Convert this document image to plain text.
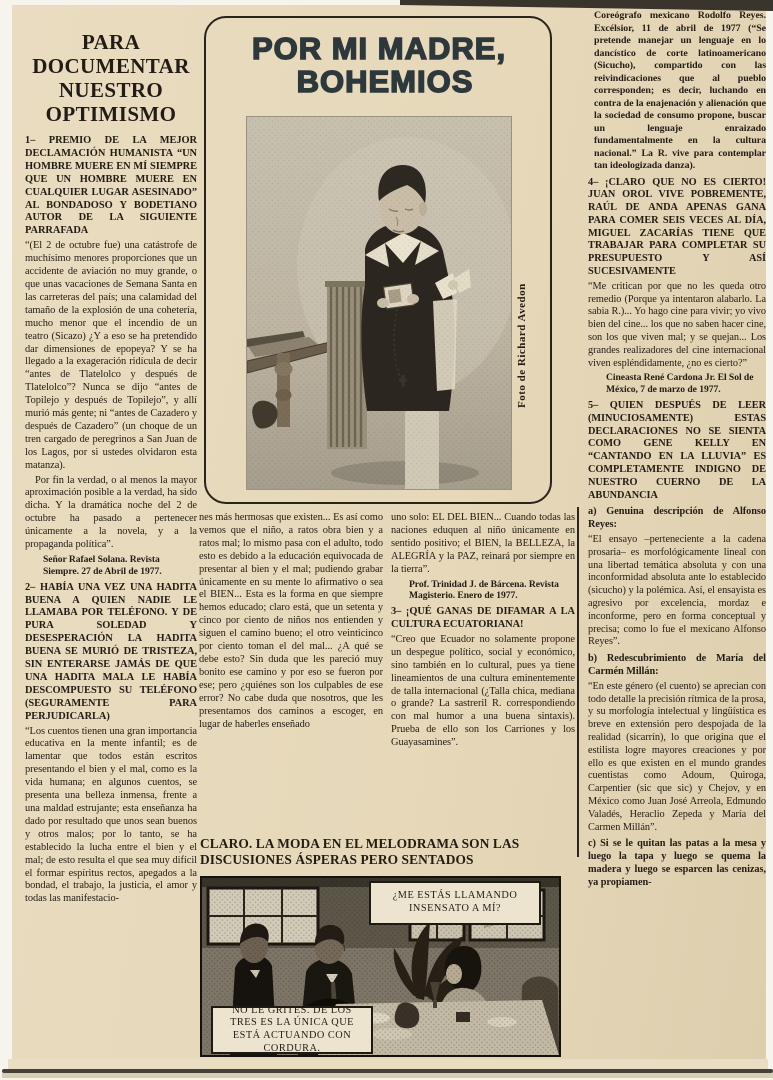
PARA DOCUMENTAR NUESTRO OPTIMISMO

1– PREMIO DE LA MEJOR DECLAMACIÓN HUMANISTA “UN HOMBRE MUERE EN MÍ SIEMPRE QUE UN HOMBRE MUERE EN CUALQUIER LUGAR ASESINADO” AL BONDADOSO Y BODETIANO AUTOR DE LA SIGUIENTE PARRAFADA

“(El 2 de octubre fue) una catástrofe de muchísimo menores proporciones que un accidente de aviación no muy grande, o que unas vacaciones de Semana Santa en las carreteras del país; una calamidad del tamaño de la explosión de una cohetería, mucho menor que el incendio de un teatro (Sicazo) ¿Y a eso se ha pretendido dar dimensiones de epopeya? Y se ha llegado a la exageración ridícula de decir “antes de Tlatelolco y después de Tlatelolco”? Nunca se dijo “antes de Topilejo y después de Topilejo”, y allí murió más gente; ni “antes de Cazadero y después de Cazadero” (un choque de un tren cargado de peregrinos a San Juan de los Lagos, por si ustedes olvidaron esta matanza).

Por fin la verdad, o al menos la mayor aproximación posible a la verdad, ha sido dicha. Y la dramática noche del 2 de octubre ha pasado a pertenecer únicamente a la novela, y a la propaganda política”.

Señor Rafael Solana. Revista Siempre. 27 de Abril de 1977.

2– HABÍA UNA VEZ UNA HADITA BUENA A QUIEN NADIE LE LLAMABA POR TELÉFONO. Y DE PURA SOLEDAD Y DESESPERACIÓN LA HADITA BUENA SE MURIÓ DE TRISTEZA, SIN ENTERARSE JAMÁS DE QUE UNA HADITA MALA LE HABÍA DESCOMPUESTO SU TELÉFONO (SEGURAMENTE PARA PERJUDICARLA)

“Los cuentos tienen una gran importancia educativa en la mente infantil; es de lamentar que todos están escritos presentando el bien y el mal, como es la vida humana; en algunos cuentos, se presenta una belleza inmensa, frente a una maldad estrujante; esta enseñanza ha dado por resultado que unos sean buenos y otros malos; por lo tanto, se ha establecido la lucha entre el bien y el mal; de esto resulta el que sea muy difícil el formar espíritus rectos, apegados a la bondad, el trabajo, la justicia, el amor y todas las manifestacio-

POR MI MADRE,
BOHEMIOS
Foto de Richard Avedon

Coreógrafo mexicano Rodolfo Reyes. Excélsior, 11 de abril de 1977 (“Se pretende manejar un lenguaje en lo dancístico de corte latinoamericano (Sicucho), compartido con las reivindicaciones que al pueblo corresponden; es decir, luchando en contra de la enajenación y alienación que la sociedad de consumo propone, buscar un lenguaje enraizado fundamentalmente en la cultura nacional.” La R. vive para contemplar tan ideologizada danza).

4– ¡CLARO QUE NO ES CIERTO! JUAN OROL VIVE POBREMENTE, RAÚL DE ANDA APENAS GANA PARA COMER SEIS VECES AL DÍA, MIGUEL ZACARÍAS TIENE QUE TRABAJAR PARA COMPLETAR SU PRESUPUESTO Y ASÍ SUCESIVAMENTE

“Me critican por que no les queda otro remedio (Porque ya intentaron alabarlo. La sabia R.)... Yo hago cine para vivir; yo vivo bien del cine... los que no saben hacer cine, son los que viven mal; y se quejan... Los grandes realizadores del cine internacional viven espléndidamente, ¿no es cierto?”

Cineasta René Cardona Jr. El Sol de México, 7 de marzo de 1977.

5– QUIEN DESPUÉS DE LEER (MINUCIOSAMENTE) ESTAS DECLARACIONES NO SE SIENTA COMO GENE KELLY EN “CANTANDO EN LA LLUVIA” ES COMPLETAMENTE INDIGNO DE NUESTRO CUERNO DE LA ABUNDANCIA

a) Genuina descripción de Alfonso Reyes:

“El ensayo –perteneciente a la cadena prosaria– es morfológicamente lineal con una libertad temática absoluta y con una inconformidad absoluta ante lo establecido (sicucho) y la polémica. Así, el ensayista es agresivo por excelencia, mordaz e inconforme, pero en forma conceptual y precisa; como lo fue el mexicano Alfonso Reyes”.

b) Redescubrimiento de María del Carmén Millán:

“En este género (el cuento) se aprecian con todo detalle la precisión rítmica de la prosa, y su morfología intelectual y lingüística es breve en extensión pero despojada de la realidad (sicarrín), lo que origina que el estilista logre mayores creaciones y por ello es que existen en el mundo grandes cuentistas como Adoum, Quiroga, Carpentier (sic que sic) y Chejov, y en México como Juan José Arreola, Edmundo Valadés, Heraclio Zepeda y María del Carmen Millán”.

c) Si se le quitan las patas a la mesa y luego la tapa y luego se quema la madera y luego se esparcen las cenizas, ya propiamen-

nes más hermosas que existen... Es así como vemos que el niño, a ratos obra bien y a ratos mal; lo mismo pasa con el adulto, todo esto es debido a la educación equivocada de presentar al bien y el mal; pudiendo grabar únicamente en su mente lo afirmativo o sea el BIEN... Esta es la forma en que siempre hemos educado; claro está, que un setenta y cinco por ciento de niños nos entienden y siguen el camino bueno; el otro veinticinco por ciento toman el del mal... ¿A qué se debe esto? Sin duda que les pareció muy bonito ese camino y por eso se fueron por ese; pero ¿quiénes son los culpables de ese error? No cabe duda que nosotros, que les presentamos dos caminos a escoger, en lugar de haberles enseñado

uno solo: EL DEL BIEN... Cuando todas las naciones eduquen al niño únicamente en sentido positivo; el BIEN, la BELLEZA, la ALEGRÍA y la PAZ, reinará por siempre en la tierra”.

Prof. Trinidad J. de Bárcena. Revista Magisterio. Enero de 1977.

3– ¡QUÉ GANAS DE DIFAMAR A LA CULTURA ECUATORIANA!

“Creo que Ecuador no solamente propone un despegue político, social y económico, sino también en lo cultural, pues ya tiene lineamientos de una cultura eminentemente de talla internacional (¿Talla chica, mediana o grande? La sastreril R. correspondiendo con mal humor a una buena sintaxis). Prueba de ello son los Carriones y los Guayasamines”.

CLARO. LA MODA EN EL MELODRAMA SON LAS DISCUSIONES ÁSPERAS PERO SENTADOS
¿ME ESTÁS LLAMANDO INSENSATO A MÍ?
NO LE GRITES. DE LOS TRES ES LA ÚNICA QUE ESTÁ ACTUANDO CON CORDURA.
